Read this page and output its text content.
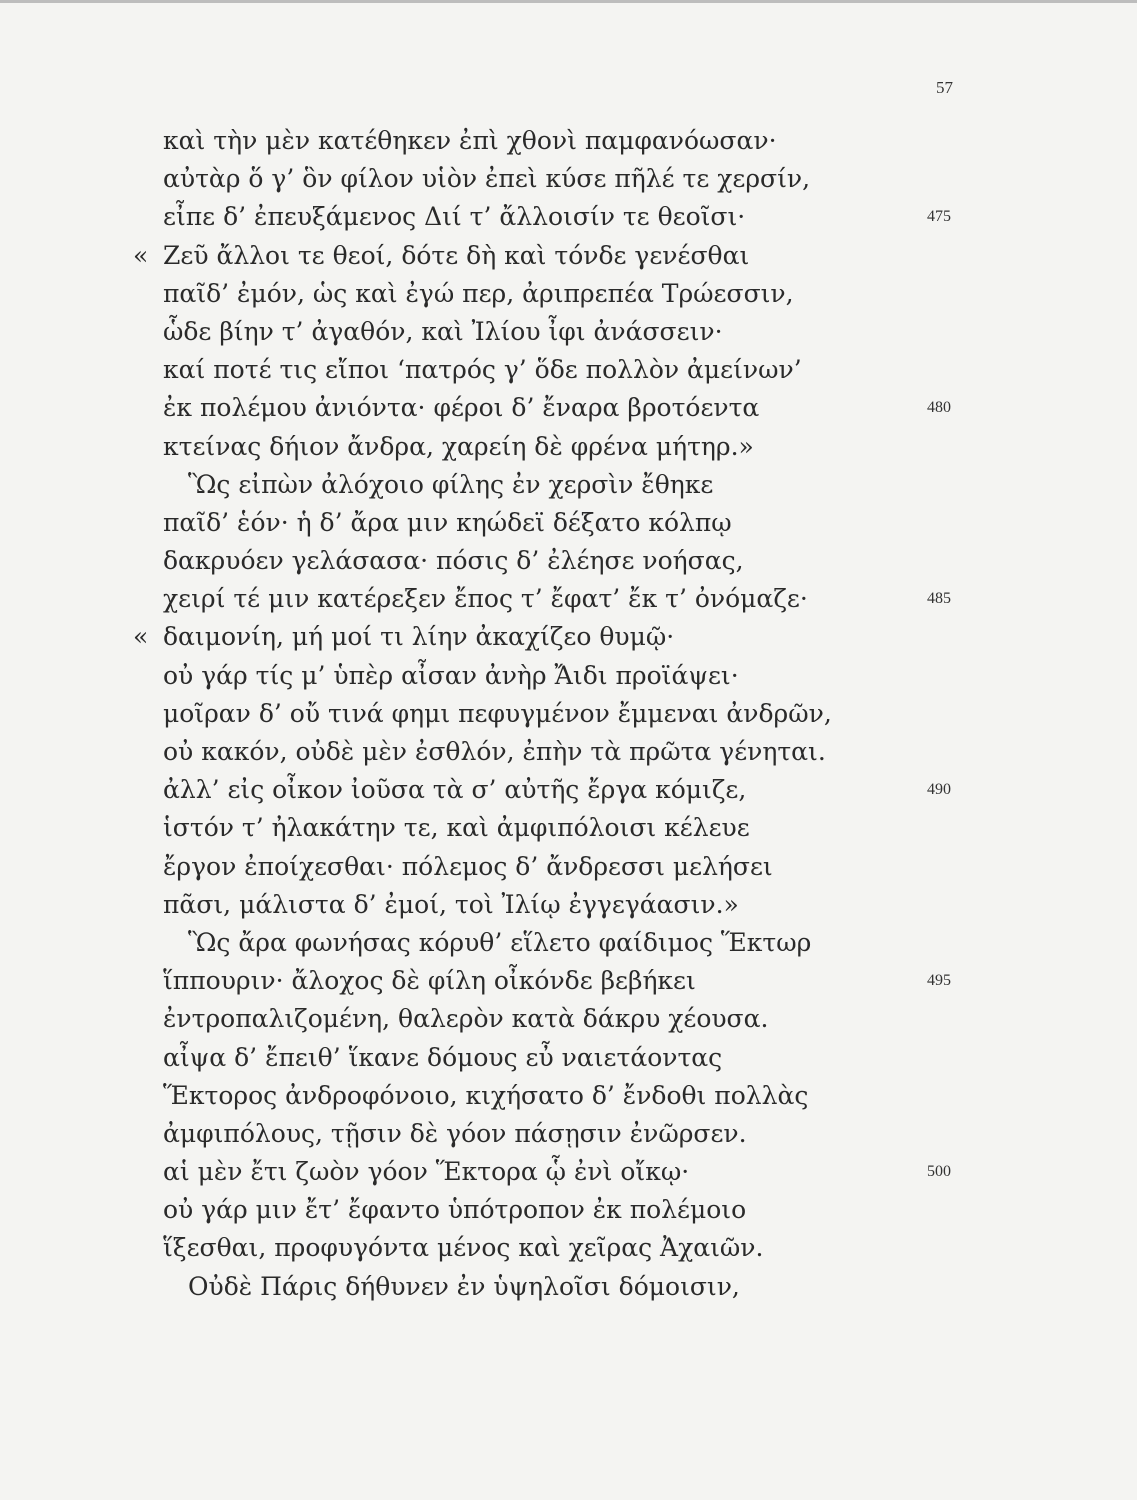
57
καὶ τὴν μὲν κατέθηκεν ἐπὶ χθονὶ παμφανόωσαν·
αὐτὰρ ὅ γ’ ὃν φίλον υἱὸν ἐπεὶ κύσε πῆλέ τε χερσίν,
εἶπε δ’ ἐπευξάμενος Διί τ’ ἄλλοισίν τε θεοῖσι·	475
« Ζεῦ ἄλλοι τε θεοί, δότε δὴ καὶ τόνδε γενέσθαι
παῖδ’ ἐμόν, ὡς καὶ ἐγώ περ, ἀριπρεπέα Τρώεσσιν,
ὧδε βίην τ’ ἀγαθόν, καὶ Ἰλίου ἶφι ἀνάσσειν·
καί ποτέ τις εἴποι ‘πατρός γ’ ὅδε πολλὸν ἀμείνων’
ἐκ πολέμου ἀνιόντα· φέροι δ’ ἔναρα βροτόεντα	480
κτείνας δήιον ἄνδρα, χαρείη δὲ φρένα μήτηρ.»
Ὣς εἰπὼν ἀλόχοιο φίλης ἐν χερσὶν ἔθηκε
παῖδ’ ἑόν· ἡ δ’ ἄρα μιν κηώδεϊ δέξατο κόλπῳ
δακρυόεν γελάσασα· πόσις δ’ ἐλέησε νοήσας,
χειρί τέ μιν κατέρεξεν ἔπος τ’ ἔφατ’ ἔκ τ’ ὀνόμαζε·	485
« δαιμονίη, μή μοί τι λίην ἀκαχίζεο θυμῷ·
οὐ γάρ τίς μ’ ὑπὲρ αἶσαν ἀνὴρ Ἄιδι προϊάψει·
μοῖραν δ’ οὔ τινά φημι πεφυγμένον ἔμμεναι ἀνδρῶν,
οὐ κακόν, οὐδὲ μὲν ἐσθλόν, ἐπὴν τὰ πρῶτα γένηται.
ἀλλ’ εἰς οἶκον ἰοῦσα τὰ σ’ αὐτῆς ἔργα κόμιζε,	490
ἱστόν τ’ ἠλακάτην τε, καὶ ἀμφιπόλοισι κέλευε
ἔργον ἐποίχεσθαι· πόλεμος δ’ ἄνδρεσσι μελήσει
πᾶσι, μάλιστα δ’ ἐμοί, τοὶ Ἰλίῳ ἐγγεγάασιν.»
Ὣς ἄρα φωνήσας κόρυθ’ εἵλετο φαίδιμος Ἕκτωρ
ἵππουριν· ἄλοχος δὲ φίλη οἶκόνδε βεβήκει	495
ἐντροπαλιζομένη, θαλερὸν κατὰ δάκρυ χέουσα.
αἶψα δ’ ἔπειθ’ ἵκανε δόμους εὖ ναιετάοντας
Ἕκτορος ἀνδροφόνοιο, κιχήσατο δ’ ἔνδοθι πολλὰς
ἀμφιπόλους, τῇσιν δὲ γόον πάσῃσιν ἐνῶρσεν.
αἱ μὲν ἔτι ζωὸν γόον Ἕκτορα ᾧ ἐνὶ οἴκῳ·	500
οὐ γάρ μιν ἔτ’ ἔφαντο ὑπότροπον ἐκ πολέμοιο
ἵξεσθαι, προφυγόντα μένος καὶ χεῖρας Ἀχαιῶν.
Οὐδὲ Πάρις δήθυνεν ἐν ὑψηλοῖσι δόμοισιν,
